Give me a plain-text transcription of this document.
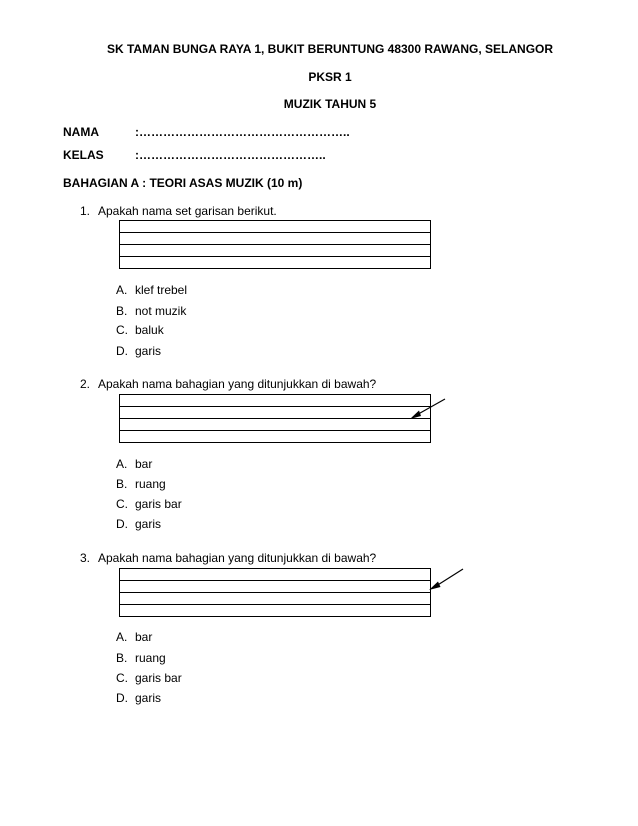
SK TAMAN BUNGA RAYA 1, BUKIT BERUNTUNG 48300 RAWANG, SELANGOR
PKSR 1
MUZIK TAHUN 5
NAMA	:……………………………………………..
KELAS	:………………………………………..
BAHAGIAN A : TEORI ASAS MUZIK (10 m)
1. Apakah nama set garisan berikut.
A. klef trebel
B. not muzik
C. baluk
D. garis
2. Apakah nama bahagian yang ditunjukkan di bawah?
A. bar
B. ruang
C. garis bar
D. garis
3. Apakah nama bahagian yang ditunjukkan di bawah?
A. bar
B. ruang
C. garis bar
D. garis
